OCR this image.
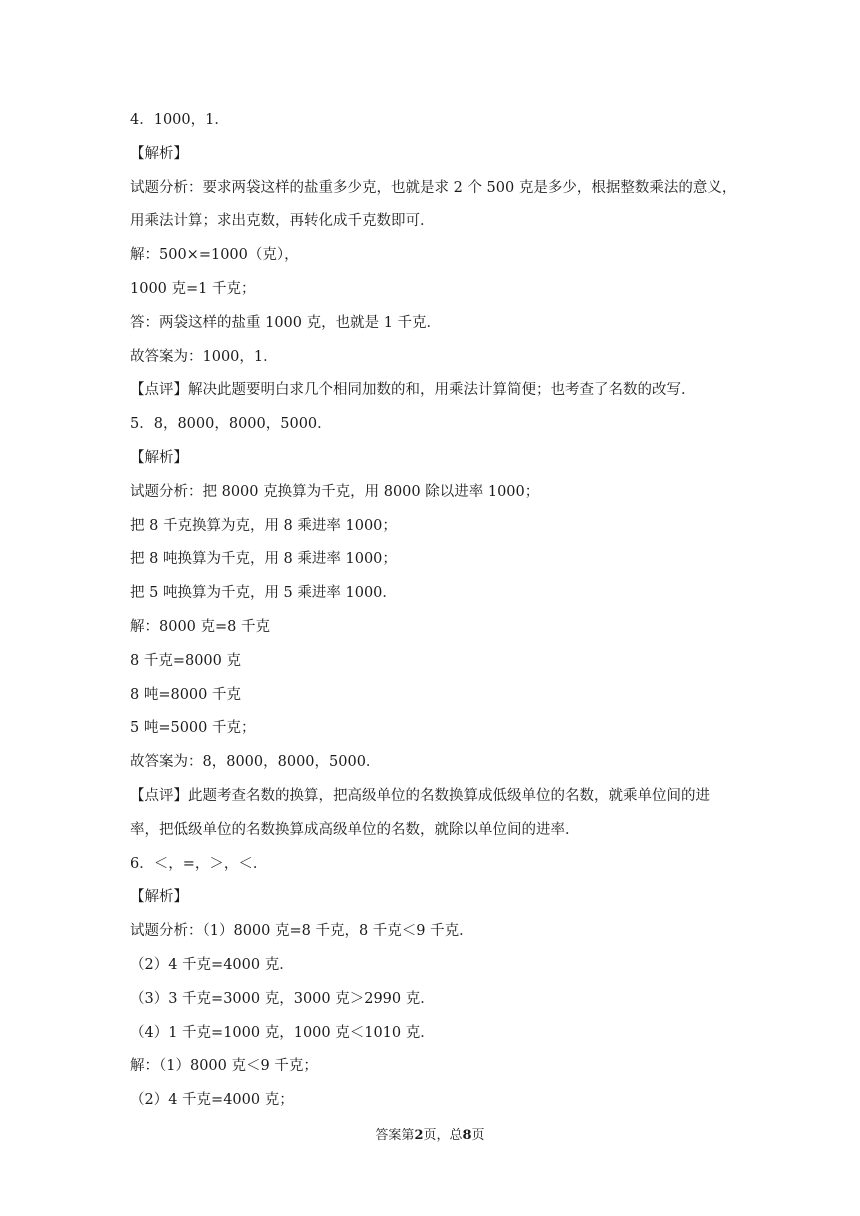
4．1000，1．
【解析】
试题分析：要求两袋这样的盐重多少克，也就是求 2 个 500 克是多少，根据整数乘法的意义，
用乘法计算；求出克数，再转化成千克数即可．
解：500×=1000（克），
1000 克=1 千克；
答：两袋这样的盐重 1000 克，也就是 1 千克．
故答案为：1000，1．
【点评】解决此题要明白求几个相同加数的和，用乘法计算简便；也考查了名数的改写．
5．8，8000，8000，5000．
【解析】
试题分析：把 8000 克换算为千克，用 8000 除以进率 1000；
把 8 千克换算为克，用 8 乘进率 1000；
把 8 吨换算为千克，用 8 乘进率 1000；
把 5 吨换算为千克，用 5 乘进率 1000．
解：8000 克=8 千克
8 千克=8000 克
8 吨=8000 千克
5 吨=5000 千克；
故答案为：8，8000，8000，5000．
【点评】此题考查名数的换算，把高级单位的名数换算成低级单位的名数，就乘单位间的进
率，把低级单位的名数换算成高级单位的名数，就除以单位间的进率．
6．＜，=，＞，＜．
【解析】
试题分析：（1）8000 克=8 千克，8 千克＜9 千克．
（2）4 千克=4000 克．
（3）3 千克=3000 克，3000 克＞2990 克．
（4）1 千克=1000 克，1000 克＜1010 克．
解：（1）8000 克＜9 千克；
（2）4 千克=4000 克；
答案第2页，总8页
